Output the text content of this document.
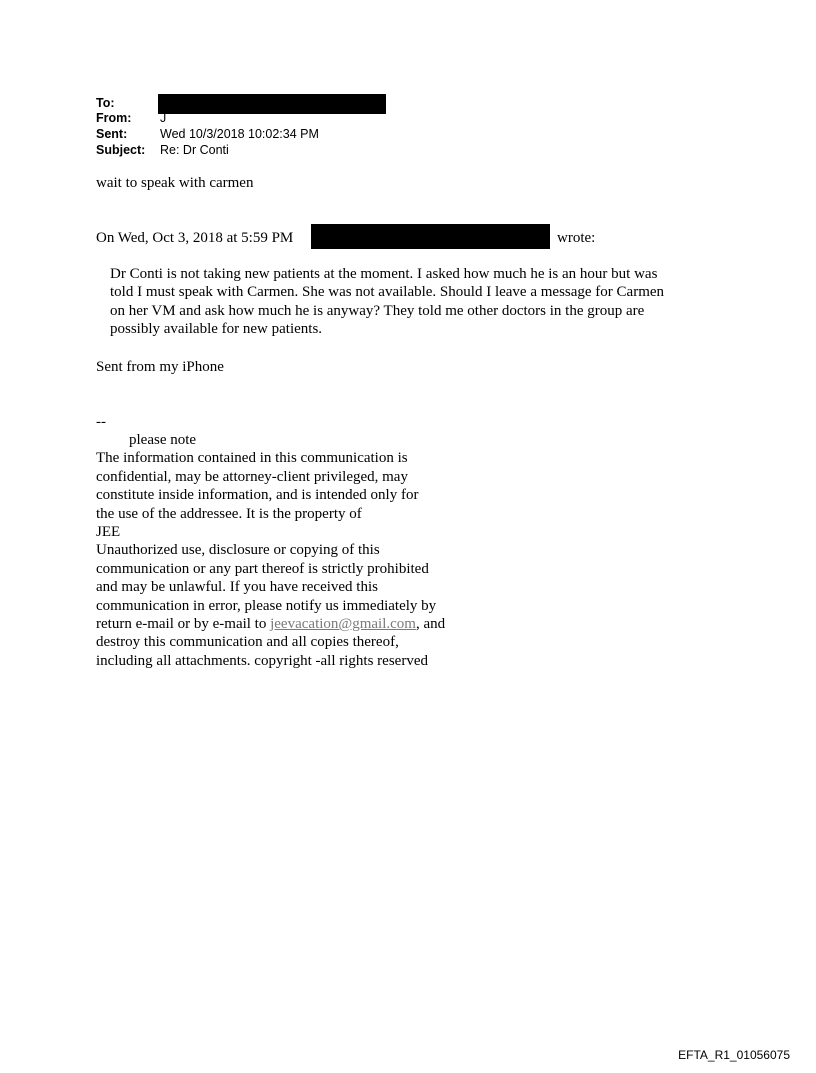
To:
From: J
Sent:	Wed 10/3/2018 10:02:34 PM
Subject: Re: Dr Conti
wait to speak with carmen
On Wed, Oct 3, 2018 at 5:59 PM	wrote:
Dr Conti is not taking new patients at the moment. I asked how much he is an hour but was
told I must speak with Carmen. She was not available. Should I leave a message for Carmen
on her VM and ask how much he is anyway? They told me other doctors in the group are
possibly available for new patients.
Sent from my iPhone
--
please note
The information contained in this communication is
confidential, may be attorney-client privileged, may
constitute inside information, and is intended only for
the use of the addressee. It is the property of
JEE
Unauthorized use, disclosure or copying of this
communication or any part thereof is strictly prohibited
and may be unlawful. If you have received this
communication in error, please notify us immediately by
return e-mail or by e-mail to jeevacation@gmail.com, and
destroy this communication and all copies thereof,
including all attachments. copyright -all rights reserved
EFTA_R1_01056075
